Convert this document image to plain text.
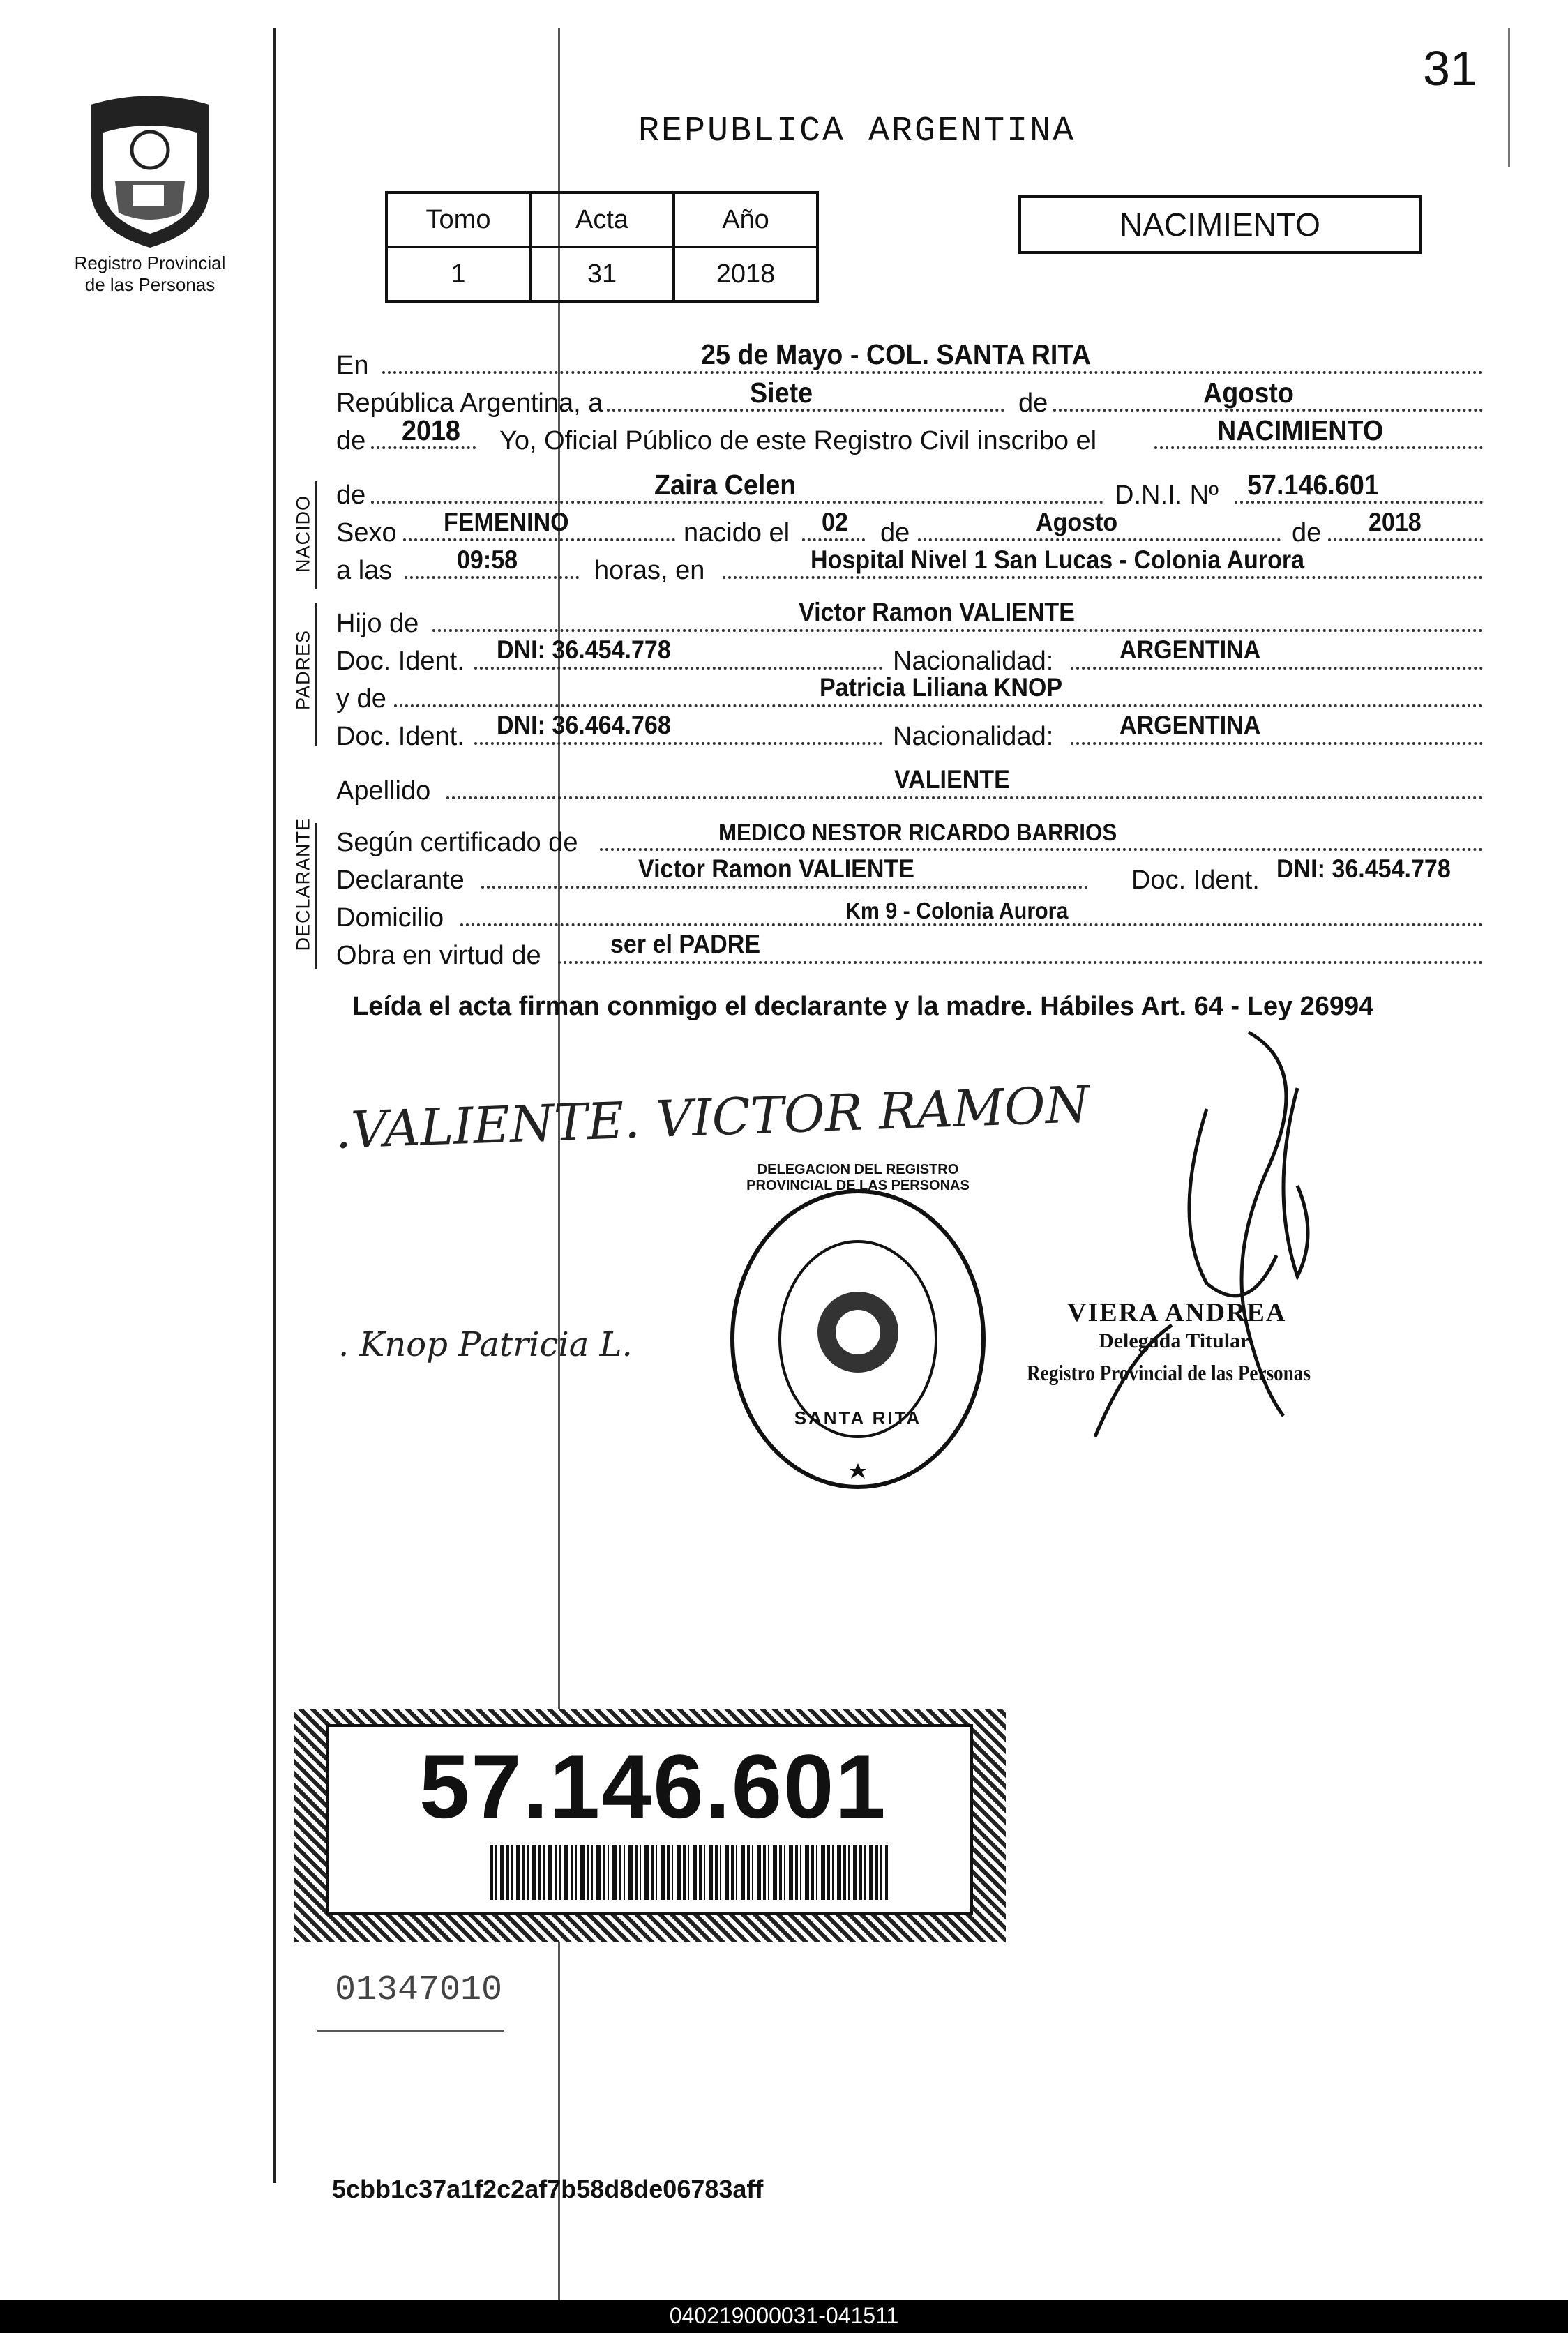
31
Registro Provincial
de las Personas
REPUBLICA ARGENTINA
Tomo	Acta	Año
1	31	2018
NACIMIENTO
NACIDO
PADRES
DECLARANTE
En	25 de Mayo - COL. SANTA RITA
República Argentina, a	Siete	de	Agosto
de 2018 Yo, Oficial Público de este Registro Civil inscribo el	NACIMIENTO
de	Zaira Celen	D.N.I. Nº 57.146.601
Sexo FEMENINO	nacido el 02 de	Agosto	de 2018
a las	09:58	horas, en	Hospital Nivel 1 San Lucas - Colonia Aurora
Hijo de	Victor Ramon VALIENTE
Doc. Ident. DNI: 36.454.778	Nacionalidad:	ARGENTINA
y de	Patricia Liliana KNOP
Doc. Ident. DNI: 36.464.768	Nacionalidad:	ARGENTINA
Apellido	VALIENTE
Según certificado de	MEDICO NESTOR RICARDO BARRIOS
Declarante	Victor Ramon VALIENTE	Doc. Ident. DNI: 36.454.778
Domicilio	Km 9 - Colonia Aurora
Obra en virtud de	ser el PADRE
Leída el acta firman conmigo el declarante y la madre. Hábiles Art. 64 - Ley 26994
.VALIENTE. VICTOR RAMON
. Knop Patricia L.
DELEGACION DEL REGISTRO PROVINCIAL DE LAS PERSONAS
SANTA RITA
VIERA ANDREA
Delegada Titular
Registro Provincial de las Personas
57.146.601
01347010
5cbb1c37a1f2c2af7b58d8de06783aff
040219000031-041511
